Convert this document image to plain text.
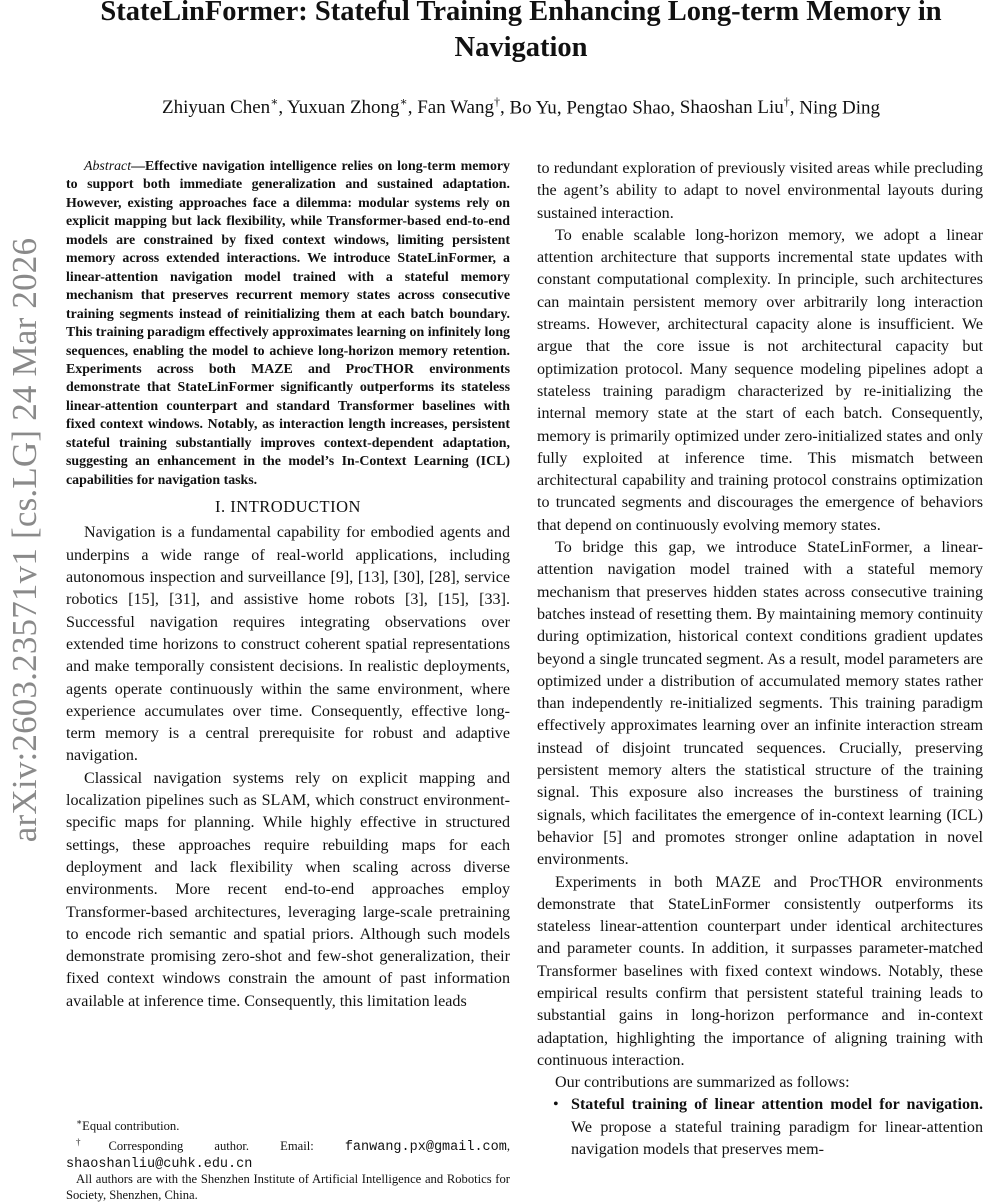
arXiv:2603.23571v1 [cs.LG] 24 Mar 2026
StateLinFormer: Stateful Training Enhancing Long-term Memory in Navigation
Zhiyuan Chen∗, Yuxuan Zhong∗, Fan Wang†, Bo Yu, Pengtao Shao, Shaoshan Liu†, Ning Ding

Abstract—Effective navigation intelligence relies on long-term memory to support both immediate generalization and sustained adaptation. However, existing approaches face a dilemma: modular systems rely on explicit mapping but lack flexibility, while Transformer-based end-to-end models are constrained by fixed context windows, limiting persistent memory across extended interactions. We introduce StateLinFormer, a linear-attention navigation model trained with a stateful memory mechanism that preserves recurrent memory states across consecutive training segments instead of reinitializing them at each batch boundary. This training paradigm effectively approximates learning on infinitely long sequences, enabling the model to achieve long-horizon memory retention. Experiments across both MAZE and ProcTHOR environments demonstrate that StateLinFormer significantly outperforms its stateless linear-attention counterpart and standard Transformer baselines with fixed context windows. Notably, as interaction length increases, persistent stateful training substantially improves context-dependent adaptation, suggesting an enhancement in the model’s In-Context Learning (ICL) capabilities for navigation tasks.

I. INTRODUCTION

Navigation is a fundamental capability for embodied agents and underpins a wide range of real-world applications, including autonomous inspection and surveillance [9], [13], [30], [28], service robotics [15], [31], and assistive home robots [3], [15], [33]. Successful navigation requires integrating observations over extended time horizons to construct coherent spatial representations and make temporally consistent decisions. In realistic deployments, agents operate continuously within the same environment, where experience accumulates over time. Consequently, effective long-term memory is a central prerequisite for robust and adaptive navigation.

Classical navigation systems rely on explicit mapping and localization pipelines such as SLAM, which construct environment-specific maps for planning. While highly effective in structured settings, these approaches require rebuilding maps for each deployment and lack flexibility when scaling across diverse environments. More recent end-to-end approaches employ Transformer-based architectures, leveraging large-scale pretraining to encode rich semantic and spatial priors. Although such models demonstrate promising zero-shot and few-shot generalization, their fixed context windows constrain the amount of past information available at inference time. Consequently, this limitation leads

to redundant exploration of previously visited areas while precluding the agent’s ability to adapt to novel environmental layouts during sustained interaction.

To enable scalable long-horizon memory, we adopt a linear attention architecture that supports incremental state updates with constant computational complexity. In principle, such architectures can maintain persistent memory over arbitrarily long interaction streams. However, architectural capacity alone is insufficient. We argue that the core issue is not architectural capacity but optimization protocol. Many sequence modeling pipelines adopt a stateless training paradigm characterized by re-initializing the internal memory state at the start of each batch. Consequently, memory is primarily optimized under zero-initialized states and only fully exploited at inference time. This mismatch between architectural capability and training protocol constrains optimization to truncated segments and discourages the emergence of behaviors that depend on continuously evolving memory states.

To bridge this gap, we introduce StateLinFormer, a linear-attention navigation model trained with a stateful memory mechanism that preserves hidden states across consecutive training batches instead of resetting them. By maintaining memory continuity during optimization, historical context conditions gradient updates beyond a single truncated segment. As a result, model parameters are optimized under a distribution of accumulated memory states rather than independently re-initialized segments. This training paradigm effectively approximates learning over an infinite interaction stream instead of disjoint truncated sequences. Crucially, preserving persistent memory alters the statistical structure of the training signal. This exposure also increases the burstiness of training signals, which facilitates the emergence of in-context learning (ICL) behavior [5] and promotes stronger online adaptation in novel environments.

Experiments in both MAZE and ProcTHOR environments demonstrate that StateLinFormer consistently outperforms its stateless linear-attention counterpart under identical architectures and parameter counts. In addition, it surpasses parameter-matched Transformer baselines with fixed context windows. Notably, these empirical results confirm that persistent stateful training leads to substantial gains in long-horizon performance and in-context adaptation, highlighting the importance of aligning training with continuous interaction.

Our contributions are summarized as follows:

• Stateful training of linear attention model for navigation. We propose a stateful training paradigm for linear-attention navigation models that preserves mem-

∗Equal contribution.

†Corresponding author. Email: fanwang.px@gmail.com, shaoshanliu@cuhk.edu.cn

All authors are with the Shenzhen Institute of Artificial Intelligence and Robotics for Society, Shenzhen, China.
